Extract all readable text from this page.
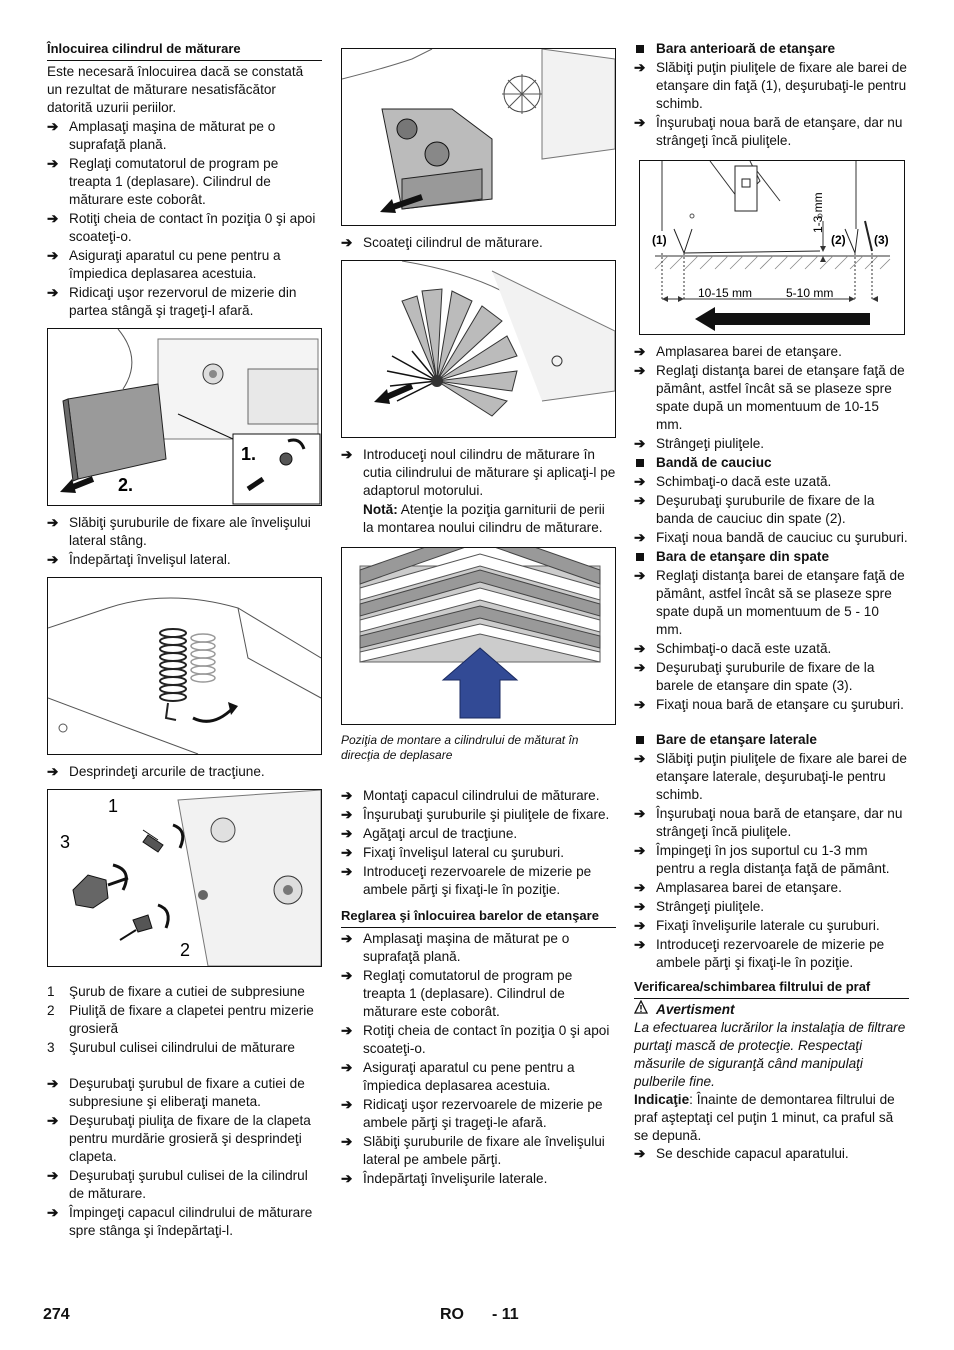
Înlocuirea cilindrul de măturare
Este necesară înlocuirea dacă se constată un rezultat de măturare nesatisfăcător datorită uzurii periilor.
➔ Amplasaţi maşina de măturat pe o suprafaţă plană.
➔ Reglaţi comutatorul de program pe treapta 1 (deplasare). Cilindrul de măturare este coborât.
➔ Rotiţi cheia de contact în poziţia 0 şi apoi scoateţi-o.
➔ Asiguraţi aparatul cu pene pentru a împiedica deplasarea acestuia.
➔ Ridicaţi uşor rezervorul de mizerie din partea stângă şi trageţi-l afară.
1.
2.
➔ Slăbiţi şuruburile de fixare ale învelişului lateral stâng.
➔ Îndepărtaţi învelişul lateral.
➔ Desprindeţi arcurile de tracţiune.
1
3
2
1 Şurub de fixare a cutiei de subpresiune
2 Piuliţă de fixare a clapetei pentru mizerie grosieră
3 Şurubul culisei cilindrului de măturare
➔ Deşurubaţi şurubul de fixare a cutiei de subpresiune şi eliberaţi maneta.
➔ Deşurubaţi piuliţa de fixare de la clapeta pentru murdărie grosieră şi desprindeţi clapeta.
➔ Deşurubaţi şurubul culisei de la cilindrul de măturare.
➔ Împingeţi capacul cilindrului de măturare spre stânga şi îndepărtaţi-l.
➔ Scoateţi cilindrul de măturare.
➔ Introduceţi noul cilindru de măturare în cutia cilindrului de măturare şi aplicaţi-l pe adaptorul motorului.
Notă: Atenţie la poziţia garniturii de perii la montarea noului cilindru de măturare.
Poziţia de montare a cilindrului de măturat în direcţia de deplasare
➔ Montaţi capacul cilindrului de măturare.
➔ Înşurubaţi şuruburile şi piuliţele de fixare.
➔ Agăţaţi arcul de tracţiune.
➔ Fixaţi învelişul lateral cu şuruburi.
➔ Introduceţi rezervoarele de mizerie pe ambele părţi şi fixaţi-le în poziţie.
Reglarea şi înlocuirea barelor de etanşare
➔ Amplasaţi maşina de măturat pe o suprafaţă plană.
➔ Reglaţi comutatorul de program pe treapta 1 (deplasare). Cilindrul de măturare este coborât.
➔ Rotiţi cheia de contact în poziţia 0 şi apoi scoateţi-o.
➔ Asiguraţi aparatul cu pene pentru a împiedica deplasarea acestuia.
➔ Ridicaţi uşor rezervoarele de mizerie pe ambele părţi şi trageţi-le afară.
➔ Slăbiţi şuruburile de fixare ale învelişului lateral pe ambele părţi.
➔ Îndepărtaţi învelişurile laterale.
Bara anterioară de etanşare
➔ Slăbiţi puţin piuliţele de fixare ale barei de etanşare din faţă (1), deşurubaţi-le pentru schimb.
➔ Înşurubaţi noua bară de etanşare, dar nu strângeţi încă piuliţele.
(1)	(2) (3)
1-3 mm
10-15 mm	5-10 mm
➔ Amplasarea barei de etanşare.
➔ Reglaţi distanţa barei de etanşare faţă de pământ, astfel încât să se plaseze spre spate după un momentuum de 10-15 mm.
➔ Strângeţi piuliţele.
Bandă de cauciuc
➔ Schimbaţi-o dacă este uzată.
➔ Deşurubaţi şuruburile de fixare de la banda de cauciuc din spate (2).
➔ Fixaţi noua bandă de cauciuc cu şuruburi.
Bara de etanşare din spate
➔ Reglaţi distanţa barei de etanşare faţă de pământ, astfel încât să se plaseze spre spate după un momentuum de 5 - 10 mm.
➔ Schimbaţi-o dacă este uzată.
➔ Deşurubaţi şuruburile de fixare de la barele de etanşare din spate (3).
➔ Fixaţi noua bară de etanşare cu şuruburi.
Bare de etanşare laterale
➔ Slăbiţi puţin piuliţele de fixare ale barei de etanşare laterale, deşurubaţi-le pentru schimb.
➔ Înşurubaţi noua bară de etanşare, dar nu strângeţi încă piuliţele.
➔ Împingeţi în jos suportul cu 1-3 mm pentru a regla distanţa faţă de pământ.
➔ Amplasarea barei de etanşare.
➔ Strângeţi piuliţele.
➔ Fixaţi învelişurile laterale cu şuruburi.
➔ Introduceţi rezervoarele de mizerie pe ambele părţi şi fixaţi-le în poziţie.
Verificarea/schimbarea filtrului de praf
Avertisment
La efectuarea lucrărilor la instalaţia de filtrare purtaţi mască de protecţie. Respectaţi măsurile de siguranţă când manipulaţi pulberile fine.
Indicaţie: Înainte de demontarea filtrului de praf aşteptaţi cel puţin 1 minut, ca praful să se depună.
➔ Se deschide capacul aparatului.
274	RO - 11
